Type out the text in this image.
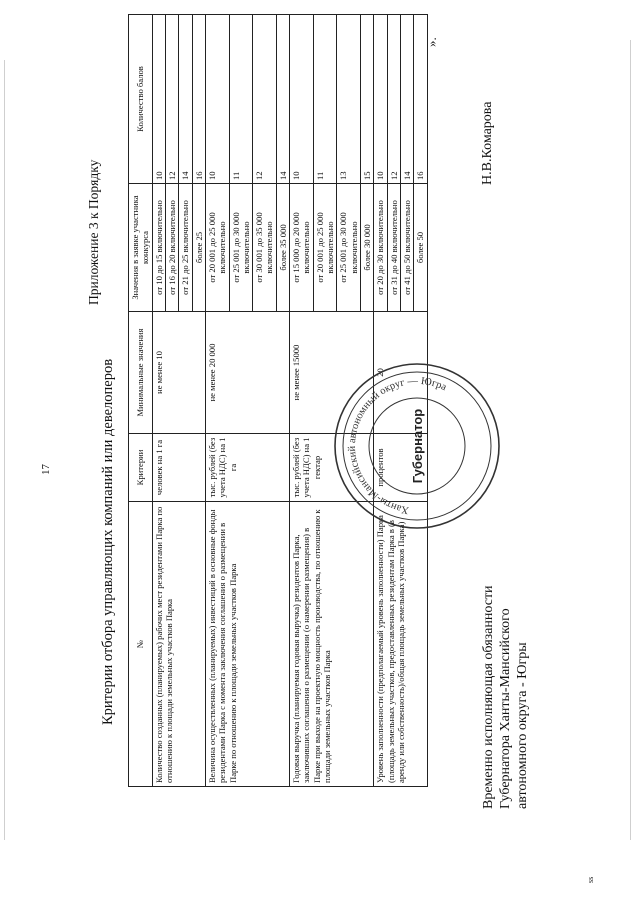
17
Приложение 3 к Порядку
Критерии отбора управляющих компаний или девелоперов №	Критерии	Минимальные значения	Значения в заявке участника конкурса	Количество балов
Количество созданных (планируемых) рабочих мест резидентами Парка по отношению к площади земельных участков Парка	человек на 1 га	не менее 10	от 10 до 15 включительно	10
			от 16 до 20 включительно	12
			от 21 до 25 включительно	14
			более 25	16
Величина осуществленных (планируемых) инвестиций в основные фонды резидентами Парка с момента заключения соглашения о размещении в Парке по отношению к площади земельных участков Парка	тыс. рублей (без учета НДС) на 1 га	не менее 20 000	от 20 001 до 25 000 включительно	10
			от 25 001 до 30 000 включительно	11
			от 30 001 до 35 000 включительно	12
			более 35 000	14
Годовая выручка (планируемая годовая выручка) резидентов Парка, заключивших соглашения о размещении (о намерении размещения) в Парке при выходе на проектную мощность производства, по отношению к площади земельных участков Парка	тыс. рублей (без учета НДС) на 1 гектар	не менее 15000	от 15 000 до 20 000 включительно	10
			от 20 001 до 25 000 включительно	11
			от 25 001 до 30 000 включительно	13
			более 30 000	15
Уровень заполненности (предполагаемый уровень заполненности) Парка (площадь земельных участков, предоставленных резидентам Парка в (в аренду или собственность)/общая площадь земельных участков Парка)	процентов	20	от 20 до 30 включительно	10
			от 31 до 40 включительно	12
			от 41 до 50 включительно	14
			более 50	16
».
Временно исполняющая обязанности Губернатора Ханты-Мансийского автономного округа - Югры
Н.В.Комарова
Ханты-Мансийский автономный округ — Югра
Губернатор
ss
